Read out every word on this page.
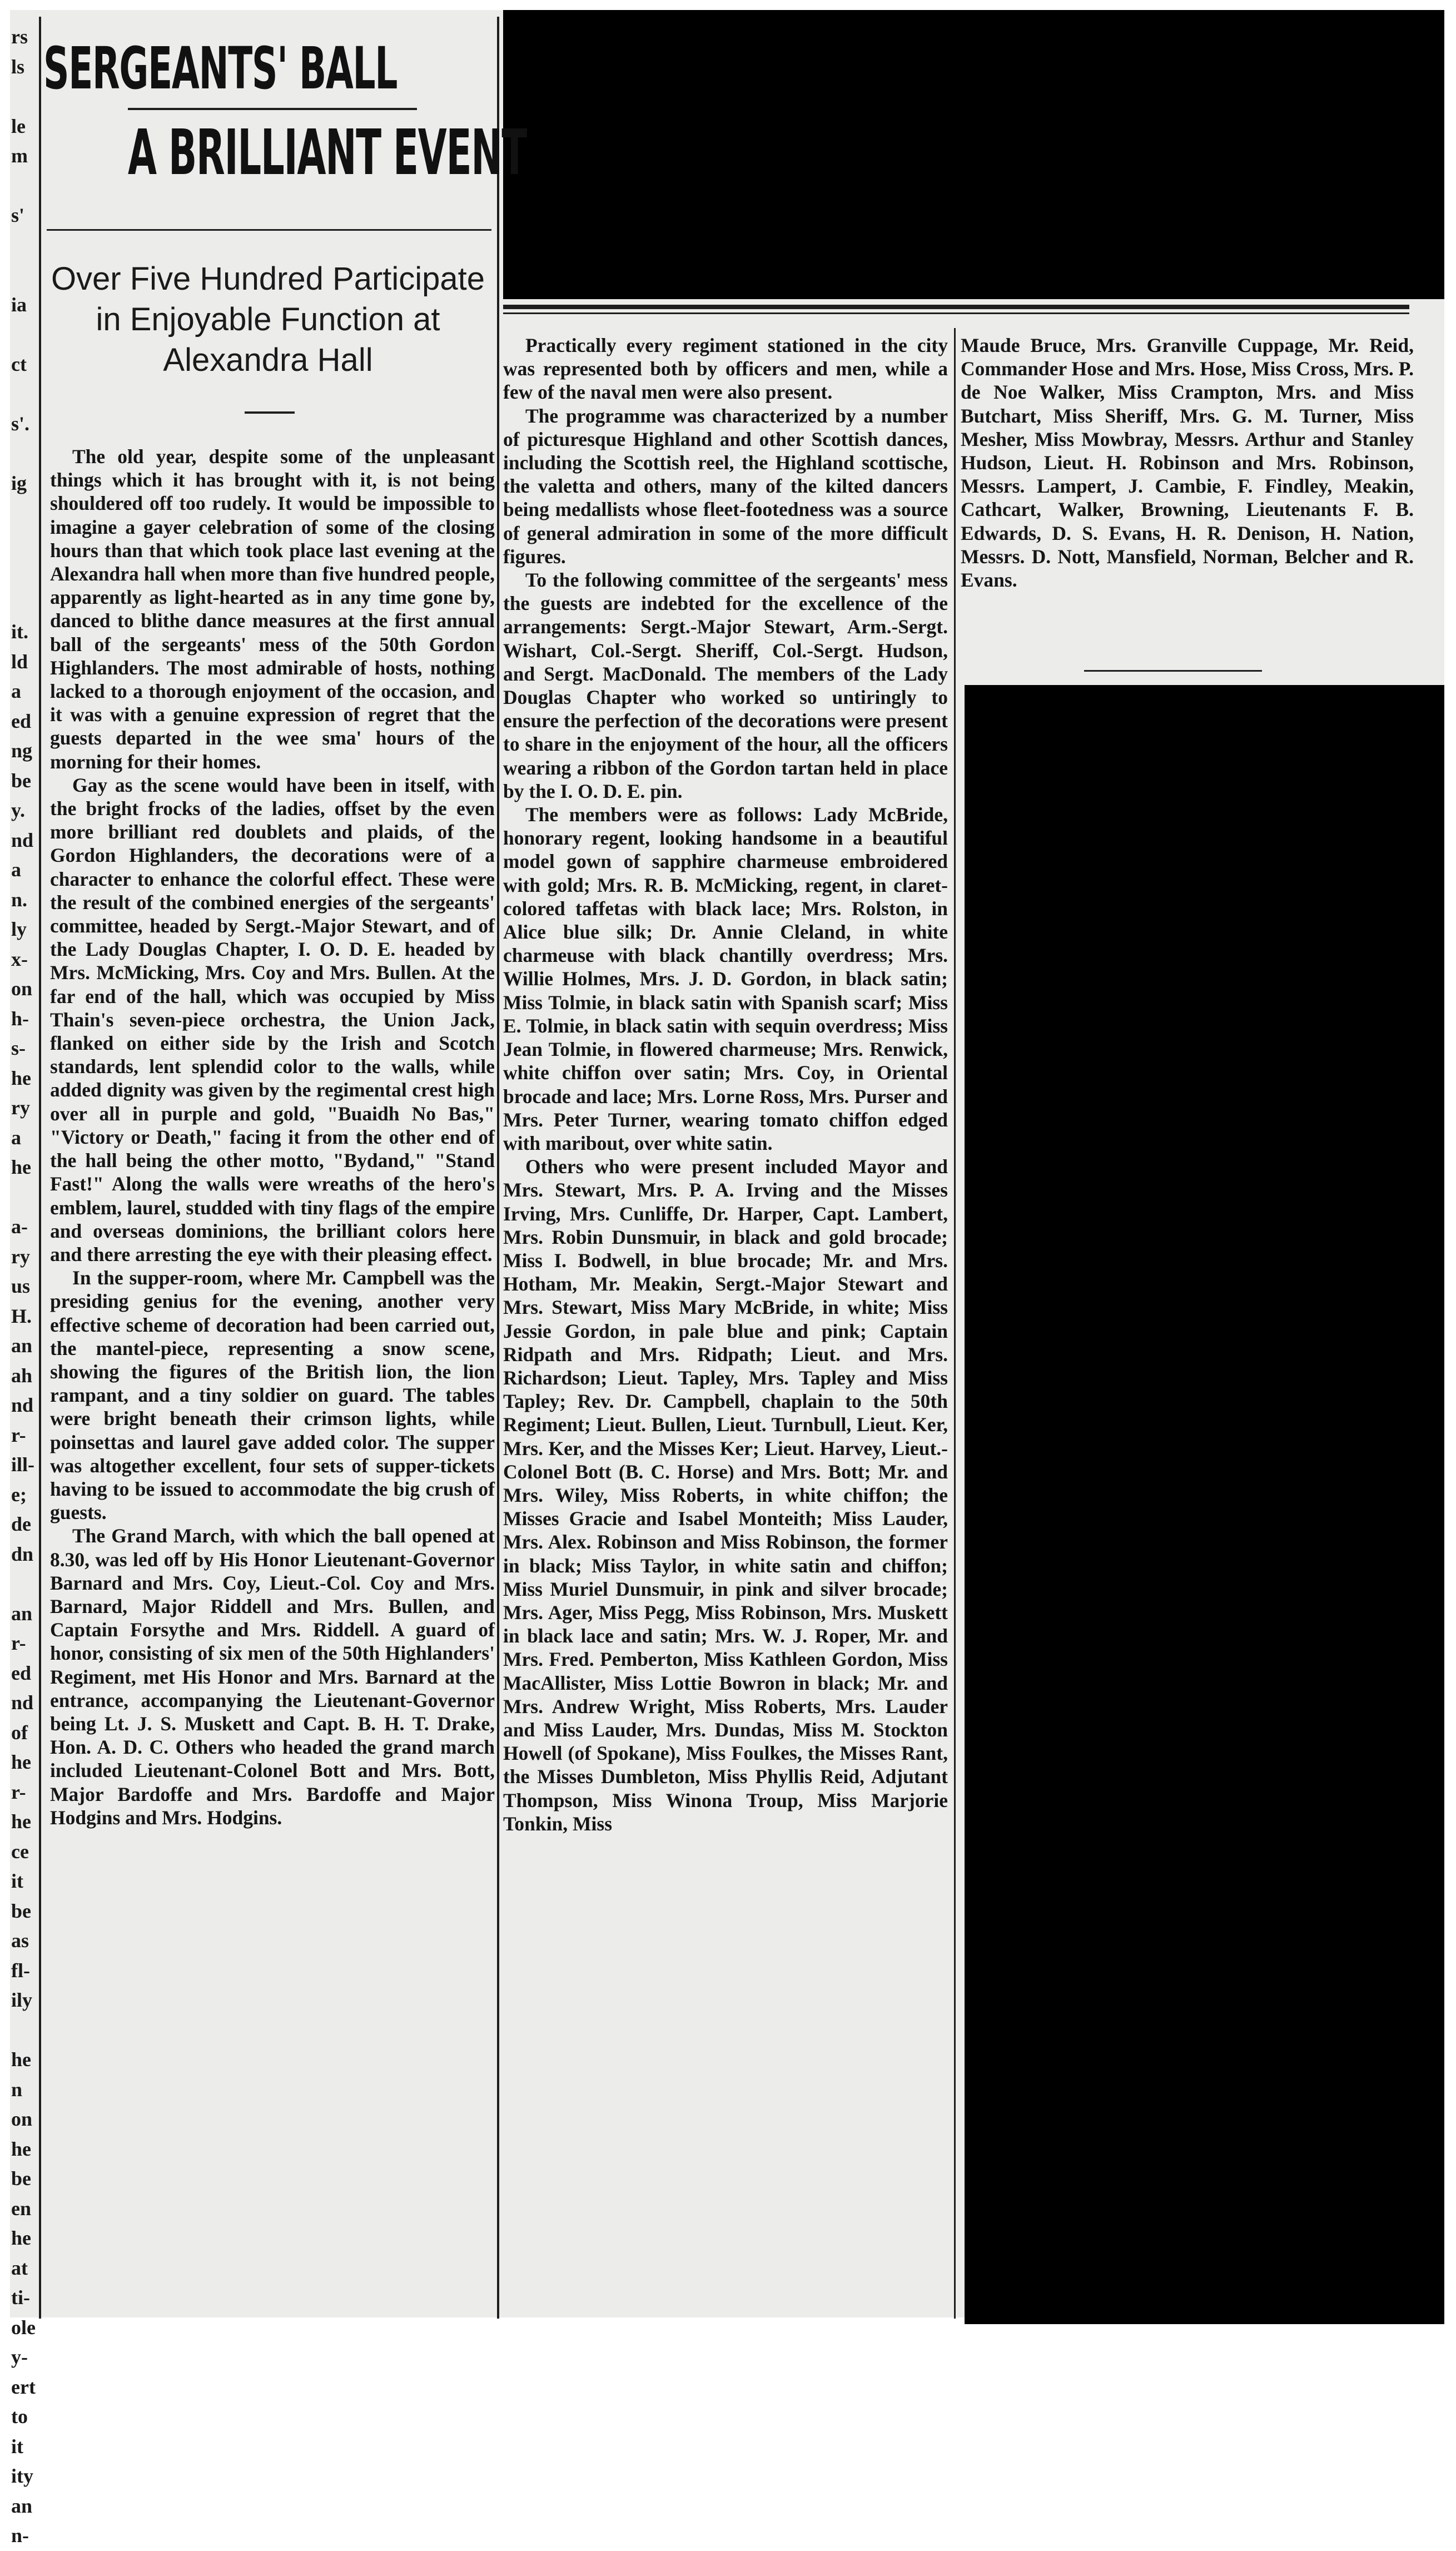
rs
ls
le
m
s'
ia
ct
s'.
ig
it.
ld
a
ed
ng
be
y.
nd
a
n.
ly
x-
on
h-
s-
he
ry
a
he
a-
ry
us
H.
an
ah
nd
r-
ill-
e;
de
dn
an
r-
ed
nd
of
he
r-
he
ce
it
be
as
fl-
ily
he
n
on
he
be
en
he
at
ti-
ole
y-
ert
to
it
ity
an
n-
SERGEANTS' BALL
A BRILLIANT EVENT
Over Five Hundred Participate in Enjoyable Function at Alexandra Hall

The old year, despite some of the unpleasant things which it has brought with it, is not being shouldered off too rudely. It would be impossible to imagine a gayer celebration of some of the closing hours than that which took place last evening at the Alexandra hall when more than five hundred people, apparently as light-hearted as in any time gone by, danced to blithe dance measures at the first annual ball of the sergeants' mess of the 50th Gordon Highlanders. The most admirable of hosts, nothing lacked to a thorough enjoyment of the occasion, and it was with a genuine expression of regret that the guests departed in the wee sma' hours of the morning for their homes.

Gay as the scene would have been in itself, with the bright frocks of the ladies, offset by the even more brilliant red doublets and plaids, of the Gordon Highlanders, the decorations were of a character to enhance the colorful effect. These were the result of the combined energies of the sergeants' committee, headed by Sergt.-Major Stewart, and of the Lady Douglas Chapter, I. O. D. E. headed by Mrs. McMicking, Mrs. Coy and Mrs. Bullen. At the far end of the hall, which was occupied by Miss Thain's seven-piece orchestra, the Union Jack, flanked on either side by the Irish and Scotch standards, lent splendid color to the walls, while added dignity was given by the regimental crest high over all in purple and gold, "Buaidh No Bas," "Victory or Death," facing it from the other end of the hall being the other motto, "Bydand," "Stand Fast!" Along the walls were wreaths of the hero's emblem, laurel, studded with tiny flags of the empire and overseas dominions, the brilliant colors here and there arresting the eye with their pleasing effect.

In the supper-room, where Mr. Campbell was the presiding genius for the evening, another very effective scheme of decoration had been carried out, the mantel-piece, representing a snow scene, showing the figures of the British lion, the lion rampant, and a tiny soldier on guard. The tables were bright beneath their crimson lights, while poinsettas and laurel gave added color. The supper was altogether excellent, four sets of supper-tickets having to be issued to accommodate the big crush of guests.

The Grand March, with which the ball opened at 8.30, was led off by His Honor Lieutenant-Governor Barnard and Mrs. Coy, Lieut.-Col. Coy and Mrs. Barnard, Major Riddell and Mrs. Bullen, and Captain Forsythe and Mrs. Riddell. A guard of honor, consisting of six men of the 50th Highlanders' Regiment, met His Honor and Mrs. Barnard at the entrance, accompanying the Lieutenant-Governor being Lt. J. S. Muskett and Capt. B. H. T. Drake, Hon. A. D. C. Others who headed the grand march included Lieutenant-Colonel Bott and Mrs. Bott, Major Bardoffe and Mrs. Bardoffe and Major Hodgins and Mrs. Hodgins.

Practically every regiment stationed in the city was represented both by officers and men, while a few of the naval men were also present.

The programme was characterized by a number of picturesque Highland and other Scottish dances, including the Scottish reel, the Highland scottische, the valetta and others, many of the kilted dancers being medallists whose fleet-footedness was a source of general admiration in some of the more difficult figures.

To the following committee of the sergeants' mess the guests are indebted for the excellence of the arrangements: Sergt.-Major Stewart, Arm.-Sergt. Wishart, Col.-Sergt. Sheriff, Col.-Sergt. Hudson, and Sergt. MacDonald. The members of the Lady Douglas Chapter who worked so untiringly to ensure the perfection of the decorations were present to share in the enjoyment of the hour, all the officers wearing a ribbon of the Gordon tartan held in place by the I. O. D. E. pin.

The members were as follows: Lady McBride, honorary regent, looking handsome in a beautiful model gown of sapphire charmeuse embroidered with gold; Mrs. R. B. McMicking, regent, in claret-colored taffetas with black lace; Mrs. Rolston, in Alice blue silk; Dr. Annie Cleland, in white charmeuse with black chantilly overdress; Mrs. Willie Holmes, Mrs. J. D. Gordon, in black satin; Miss Tolmie, in black satin with Spanish scarf; Miss E. Tolmie, in black satin with sequin overdress; Miss Jean Tolmie, in flowered charmeuse; Mrs. Renwick, white chiffon over satin; Mrs. Coy, in Oriental brocade and lace; Mrs. Lorne Ross, Mrs. Purser and Mrs. Peter Turner, wearing tomato chiffon edged with maribout, over white satin.

Others who were present included Mayor and Mrs. Stewart, Mrs. P. A. Irving and the Misses Irving, Mrs. Cunliffe, Dr. Harper, Capt. Lambert, Mrs. Robin Dunsmuir, in black and gold brocade; Miss I. Bodwell, in blue brocade; Mr. and Mrs. Hotham, Mr. Meakin, Sergt.-Major Stewart and Mrs. Stewart, Miss Mary McBride, in white; Miss Jessie Gordon, in pale blue and pink; Captain Ridpath and Mrs. Ridpath; Lieut. and Mrs. Richardson; Lieut. Tapley, Mrs. Tapley and Miss Tapley; Rev. Dr. Campbell, chaplain to the 50th Regiment; Lieut. Bullen, Lieut. Turnbull, Lieut. Ker, Mrs. Ker, and the Misses Ker; Lieut. Harvey, Lieut.-Colonel Bott (B. C. Horse) and Mrs. Bott; Mr. and Mrs. Wiley, Miss Roberts, in white chiffon; the Misses Gracie and Isabel Monteith; Miss Lauder, Mrs. Alex. Robinson and Miss Robinson, the former in black; Miss Taylor, in white satin and chiffon; Miss Muriel Dunsmuir, in pink and silver brocade; Mrs. Ager, Miss Pegg, Miss Robinson, Mrs. Muskett in black lace and satin; Mrs. W. J. Roper, Mr. and Mrs. Fred. Pemberton, Miss Kathleen Gordon, Miss MacAllister, Miss Lottie Bowron in black; Mr. and Mrs. Andrew Wright, Miss Roberts, Mrs. Lauder and Miss Lauder, Mrs. Dundas, Miss M. Stockton Howell (of Spokane), Miss Foulkes, the Misses Rant, the Misses Dumbleton, Miss Phyllis Reid, Adjutant Thompson, Miss Winona Troup, Miss Marjorie Tonkin, Miss

Maude Bruce, Mrs. Granville Cuppage, Mr. Reid, Commander Hose and Mrs. Hose, Miss Cross, Mrs. P. de Noe Walker, Miss Crampton, Mrs. and Miss Butchart, Miss Sheriff, Mrs. G. M. Turner, Miss Mesher, Miss Mowbray, Messrs. Arthur and Stanley Hudson, Lieut. H. Robinson and Mrs. Robinson, Messrs. Lampert, J. Cambie, F. Findley, Meakin, Cathcart, Walker, Browning, Lieutenants F. B. Edwards, D. S. Evans, H. R. Denison, H. Nation, Messrs. D. Nott, Mansfield, Norman, Belcher and R. Evans.
